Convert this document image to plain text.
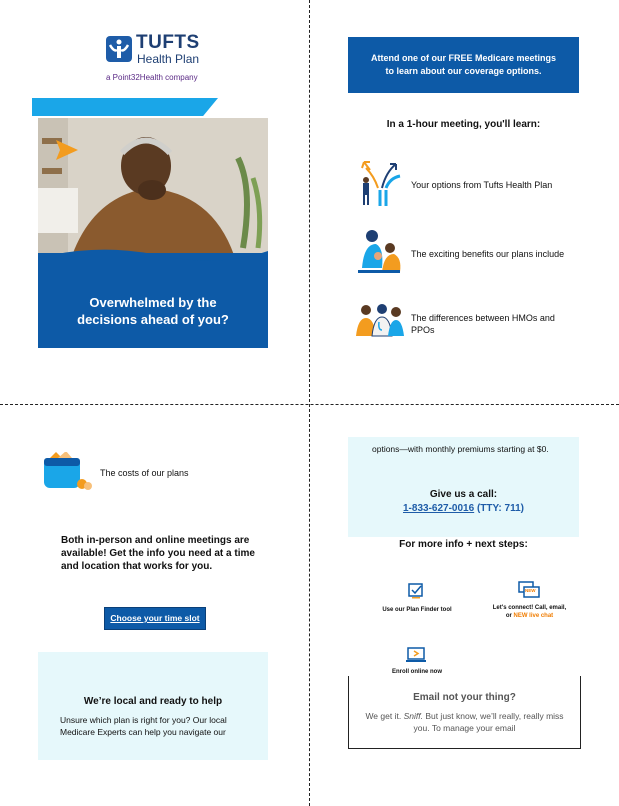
TUFTS
Health Plan
a Point32Health company
Overwhelmed by the
decisions ahead of you?
Attend one of our FREE Medicare meetings
to learn about our coverage options.
In a 1-hour meeting, you'll learn:
Your options from Tufts Health Plan
The exciting benefits our plans include
The differences between HMOs and PPOs
The costs of our plans
Both in-person and online meetings are available! Get the info you need at a time and location that works for you.
Choose your time slot
We’re local and ready to help
Unsure which plan is right for you? Our local Medicare Experts can help you navigate our
options—with monthly premiums starting at $0.
Give us a call:
1-833-627-0016 (TTY: 711)
For more info + next steps:
Use our Plan Finder tool
NEW
Let's connect! Call, email,
or NEW live chat
Enroll online now
Email not your thing?
We get it. Sniff. But just know, we’ll really, really miss you. To manage your email
